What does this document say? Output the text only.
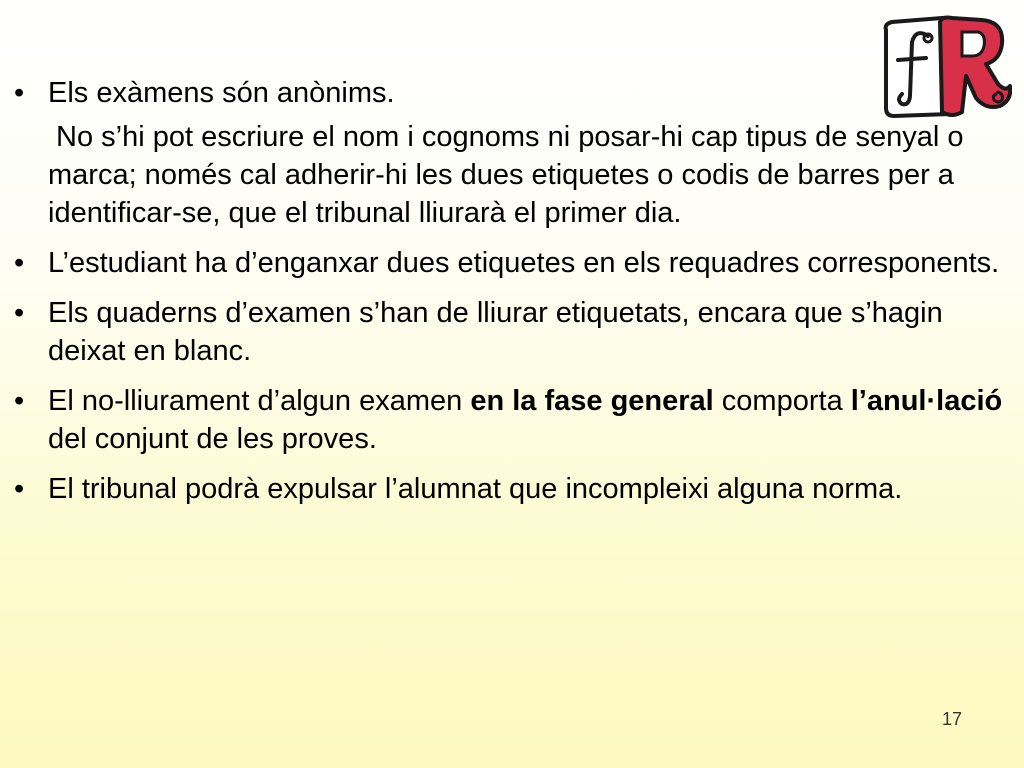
• Els exàmens són anònims.
No s’hi pot escriure el nom i cognoms ni posar-hi cap tipus de senyal o marca; només cal adherir-hi les dues etiquetes o codis de barres per a identificar-se, que el tribunal lliurarà el primer dia.
• L’estudiant ha d’enganxar dues etiquetes en els requadres corresponents.
• Els quaderns d’examen s’han de lliurar etiquetats, encara que s’hagin deixat en blanc.
• El no-lliurament d’algun examen en la fase general comporta l’anul·lació del conjunt de les proves.
• El tribunal podrà expulsar l’alumnat que incompleixi alguna norma.
17
